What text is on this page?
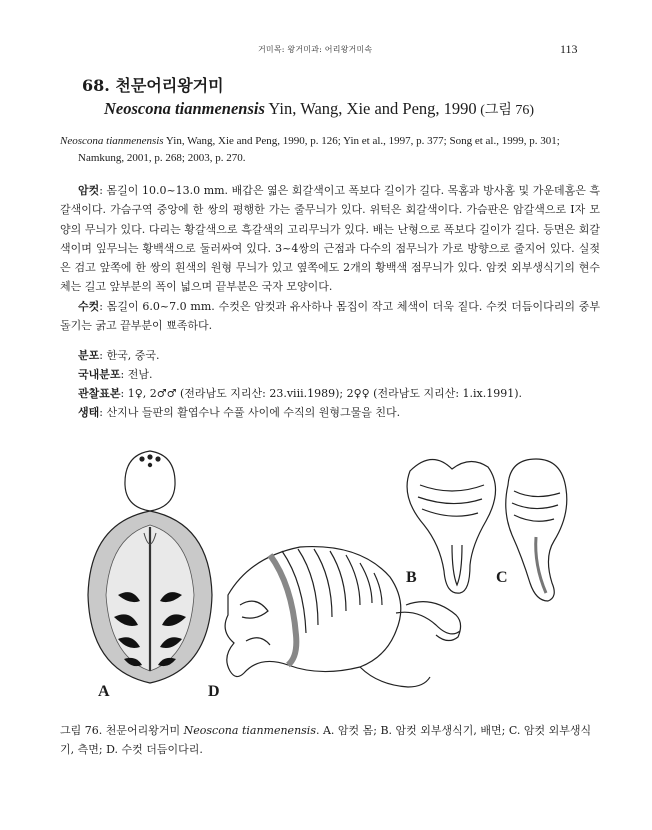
거미목: 왕거미과: 어리왕거미속	113
68. 천문어리왕거미
Neoscona tianmenensis Yin, Wang, Xie and Peng, 1990 (그림 76)
Neoscona tianmenensis Yin, Wang, Xie and Peng, 1990, p. 126; Yin et al., 1997, p. 377; Song et al., 1999, p. 301; Namkung, 2001, p. 268; 2003, p. 270.
암컷: 몸길이 10.0~13.0 mm. 배갑은 엷은 회갈색이고 폭보다 길이가 길다. 목홈과 방사홈 및 가운데홈은 흑갈색이다. 가슴구역 중앙에 한 쌍의 평행한 가는 줄무늬가 있다. 위턱은 회갈색이다. 가슴판은 암갈색으로 I자 모양의 무늬가 있다. 다리는 황갈색으로 흑갈색의 고리무늬가 있다. 배는 난형으로 폭보다 길이가 길다. 등면은 회갈색이며 잎무늬는 황백색으로 둘러싸여 있다. 3~4쌍의 근점과 다수의 점무늬가 가로 방향으로 줄지어 있다. 실젖은 검고 앞쪽에 한 쌍의 흰색의 원형 무늬가 있고 옆쪽에도 2개의 황백색 점무늬가 있다. 암컷 외부생식기의 현수체는 길고 앞부분의 폭이 넓으며 끝부분은 국자 모양이다.
수컷: 몸길이 6.0~7.0 mm. 수컷은 암컷과 유사하나 몸집이 작고 체색이 더욱 짙다. 수컷 더듬이다리의 중부돌기는 굵고 끝부분이 뾰족하다.
분포: 한국, 중국.
국내분포: 전남.
관찰표본: 1♀, 2♂♂ (전라남도 지리산: 23.viii.1989); 2♀♀ (전라남도 지리산: 1.ix.1991).
생태: 산지나 들판의 활엽수나 수풀 사이에 수직의 원형그물을 친다.
A
B	C
D
그림 76. 천문어리왕거미 Neoscona tianmenensis. A. 암컷 몸; B. 암컷 외부생식기, 배면; C. 암컷 외부생식기, 측면; D. 수컷 더듬이다리.
